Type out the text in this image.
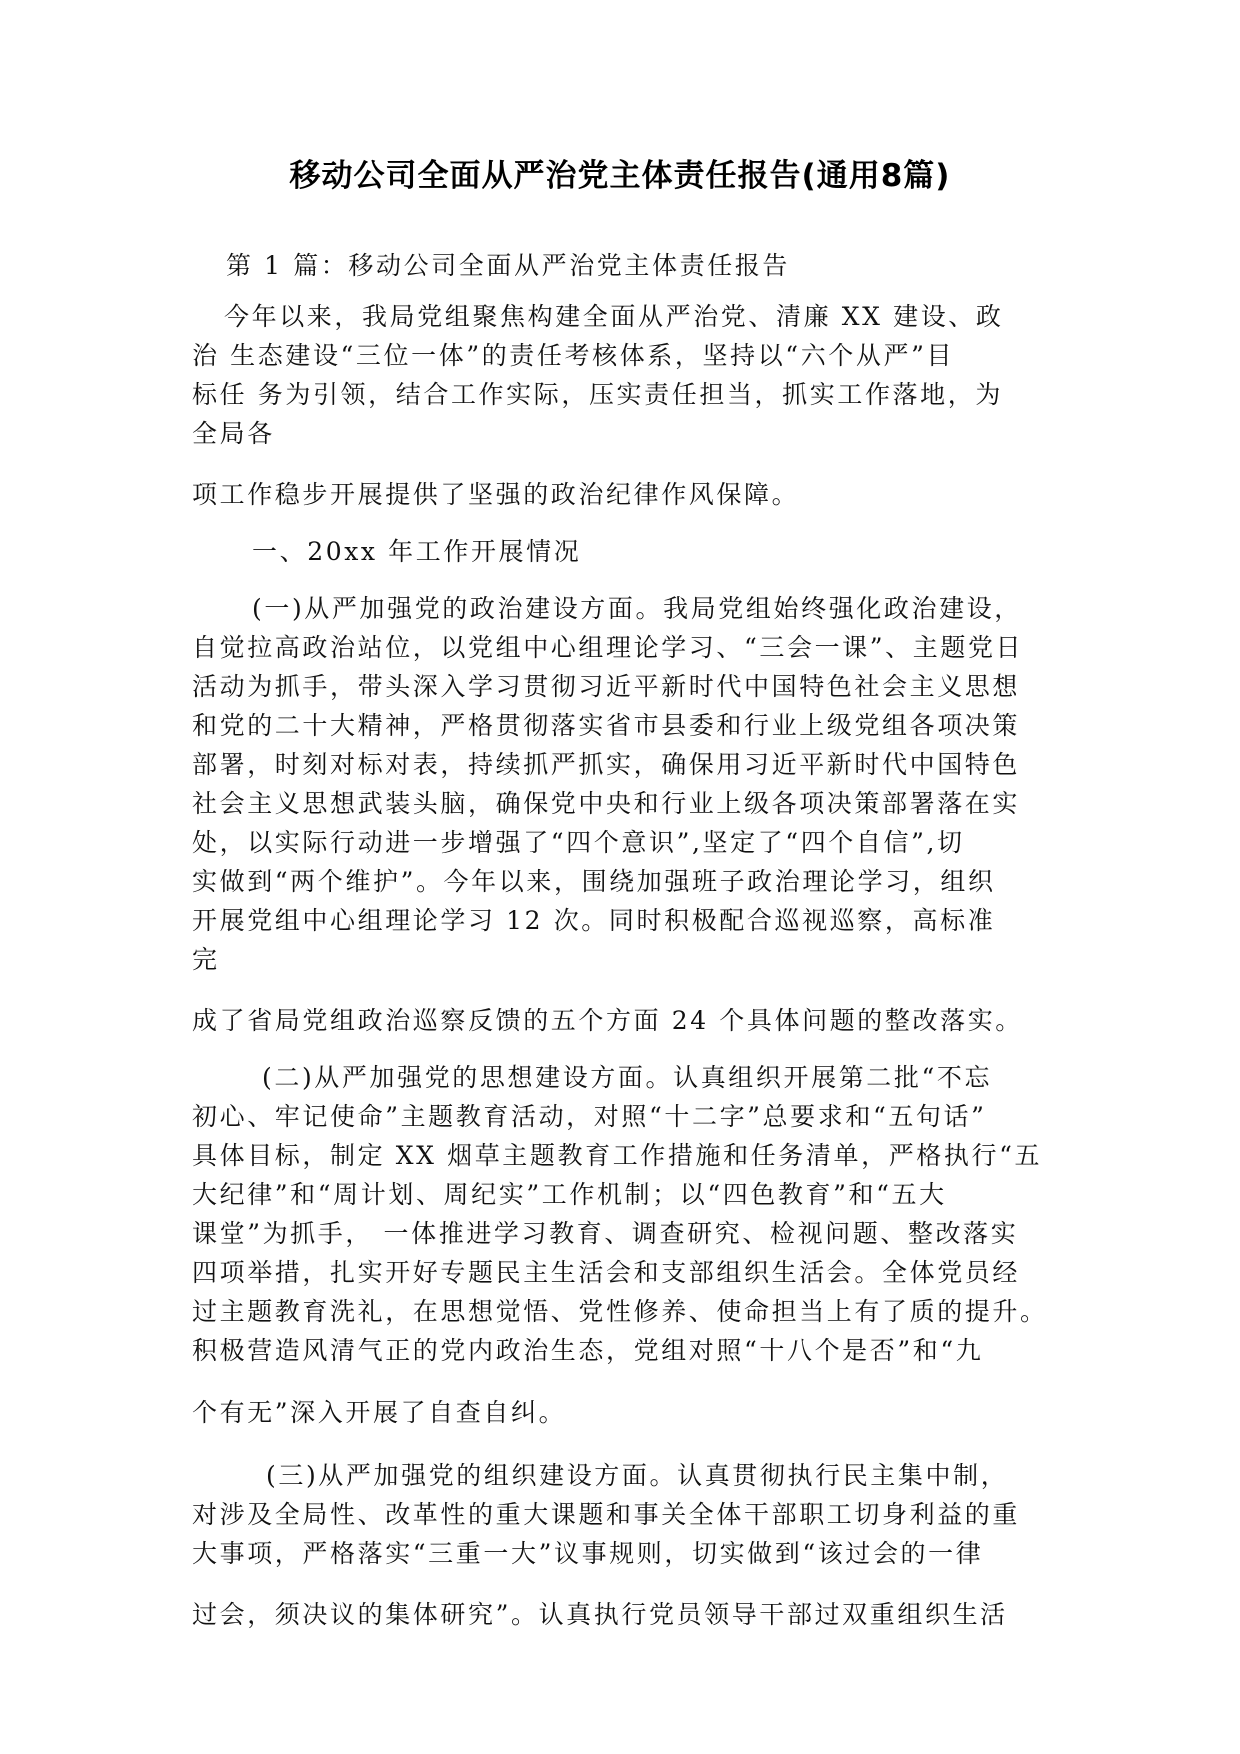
移动公司全面从严治党主体责任报告(通用8篇)
第 1 篇：移动公司全面从严治党主体责任报告
今年以来，我局党组聚焦构建全面从严治党、清廉 XX 建设、政
治 生态建设“三位一体”的责任考核体系，坚持以“六个从严”目
标任 务为引领，结合工作实际，压实责任担当，抓实工作落地，为
全局各
项工作稳步开展提供了坚强的政治纪律作风保障。
一、20xx 年工作开展情况
(一)从严加强党的政治建设方面。我局党组始终强化政治建设，
自觉拉高政治站位，以党组中心组理论学习、“三会一课”、主题党日
活动为抓手，带头深入学习贯彻习近平新时代中国特色社会主义思想
和党的二十大精神，严格贯彻落实省市县委和行业上级党组各项决策
部署，时刻对标对表，持续抓严抓实，确保用习近平新时代中国特色
社会主义思想武装头脑，确保党中央和行业上级各项决策部署落在实
处，以实际行动进一步增强了“四个意识”,坚定了“四个自信”,切
实做到“两个维护”。今年以来，围绕加强班子政治理论学习，组织
开展党组中心组理论学习 12 次。同时积极配合巡视巡察，高标准
完
成了省局党组政治巡察反馈的五个方面 24 个具体问题的整改落实。
(二)从严加强党的思想建设方面。认真组织开展第二批“不忘
初心、牢记使命”主题教育活动，对照“十二字”总要求和“五句话”
具体目标，制定 XX 烟草主题教育工作措施和任务清单，严格执行“五
大纪律”和“周计划、周纪实”工作机制；以“四色教育”和“五大
课堂”为抓手， 一体推进学习教育、调查研究、检视问题、整改落实
四项举措，扎实开好专题民主生活会和支部组织生活会。全体党员经
过主题教育洗礼，在思想觉悟、党性修养、使命担当上有了质的提升。
积极营造风清气正的党内政治生态，党组对照“十八个是否”和“九
个有无”深入开展了自查自纠。
(三)从严加强党的组织建设方面。认真贯彻执行民主集中制，
对涉及全局性、改革性的重大课题和事关全体干部职工切身利益的重
大事项，严格落实“三重一大”议事规则，切实做到“该过会的一律
过会，须决议的集体研究”。认真执行党员领导干部过双重组织生活
